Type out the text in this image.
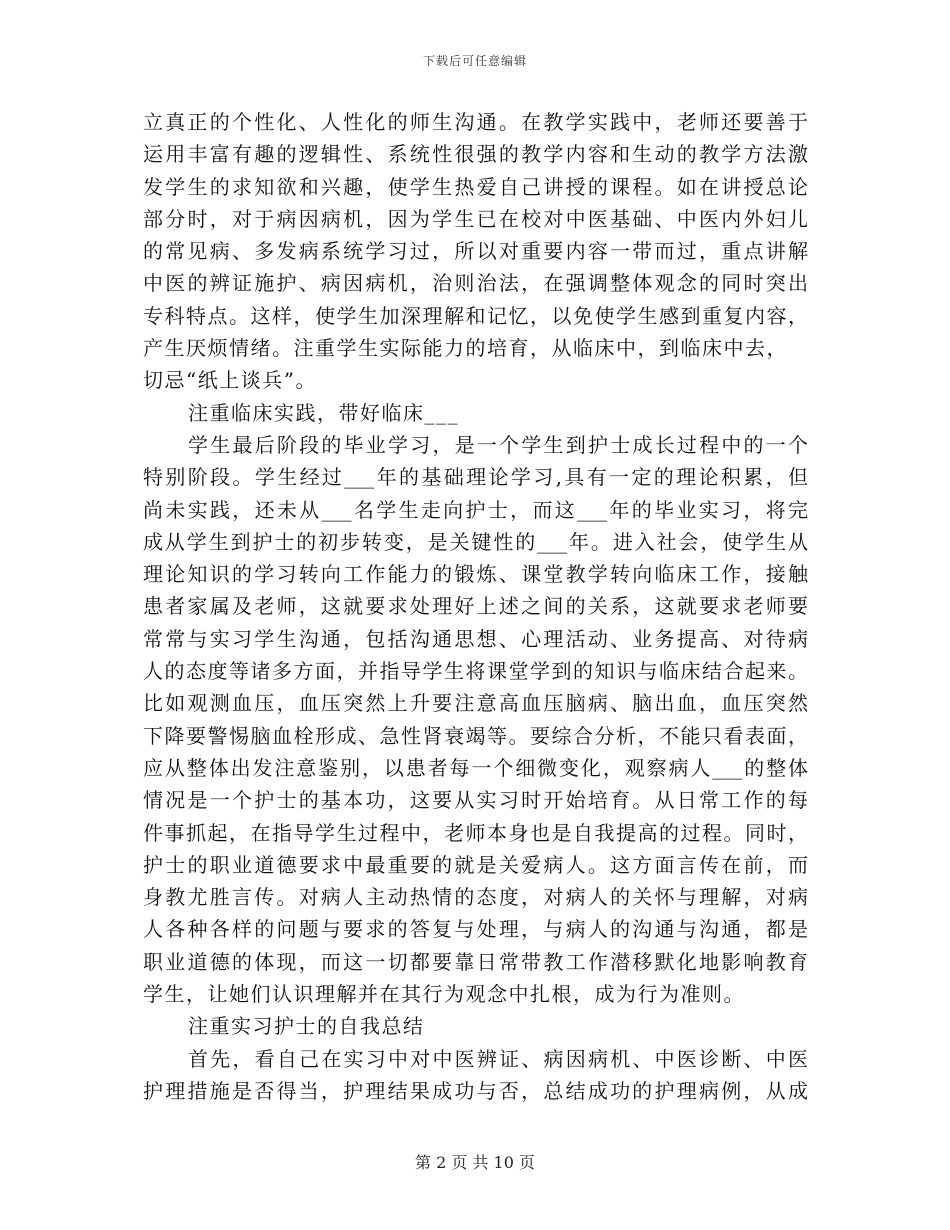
下载后可任意编辑
立真正的个性化、人性化的师生沟通。在教学实践中，老师还要善于
运用丰富有趣的逻辑性、系统性很强的教学内容和生动的教学方法激
发学生的求知欲和兴趣，使学生热爱自己讲授的课程。如在讲授总论
部分时，对于病因病机，因为学生已在校对中医基础、中医内外妇儿
的常见病、多发病系统学习过，所以对重要内容一带而过，重点讲解
中医的辨证施护、病因病机，治则治法，在强调整体观念的同时突出
专科特点。这样，使学生加深理解和记忆，以免使学生感到重复内容，
产生厌烦情绪。注重学生实际能力的培育，从临床中，到临床中去，
切忌“纸上谈兵”。
注重临床实践，带好临床___
学生最后阶段的毕业学习，是一个学生到护士成长过程中的一个
特别阶段。学生经过___年的基础理论学习,具有一定的理论积累，但
尚未实践，还未从___名学生走向护士，而这___年的毕业实习，将完
成从学生到护士的初步转变，是关键性的___年。进入社会，使学生从
理论知识的学习转向工作能力的锻炼、课堂教学转向临床工作，接触
患者家属及老师，这就要求处理好上述之间的关系，这就要求老师要
常常与实习学生沟通，包括沟通思想、心理活动、业务提高、对待病
人的态度等诸多方面，并指导学生将课堂学到的知识与临床结合起来。
比如观测血压，血压突然上升要注意高血压脑病、脑出血，血压突然
下降要警惕脑血栓形成、急性肾衰竭等。要综合分析，不能只看表面，
应从整体出发注意鉴别，以患者每一个细微变化，观察病人___的整体
情况是一个护士的基本功，这要从实习时开始培育。从日常工作的每
件事抓起，在指导学生过程中，老师本身也是自我提高的过程。同时，
护士的职业道德要求中最重要的就是关爱病人。这方面言传在前，而
身教尤胜言传。对病人主动热情的态度，对病人的关怀与理解，对病
人各种各样的问题与要求的答复与处理，与病人的沟通与沟通，都是
职业道德的体现，而这一切都要靠日常带教工作潜移默化地影响教育
学生，让她们认识理解并在其行为观念中扎根，成为行为准则。
注重实习护士的自我总结
首先，看自己在实习中对中医辨证、病因病机、中医诊断、中医
护理措施是否得当，护理结果成功与否，总结成功的护理病例，从成
第 2 页 共 10 页
